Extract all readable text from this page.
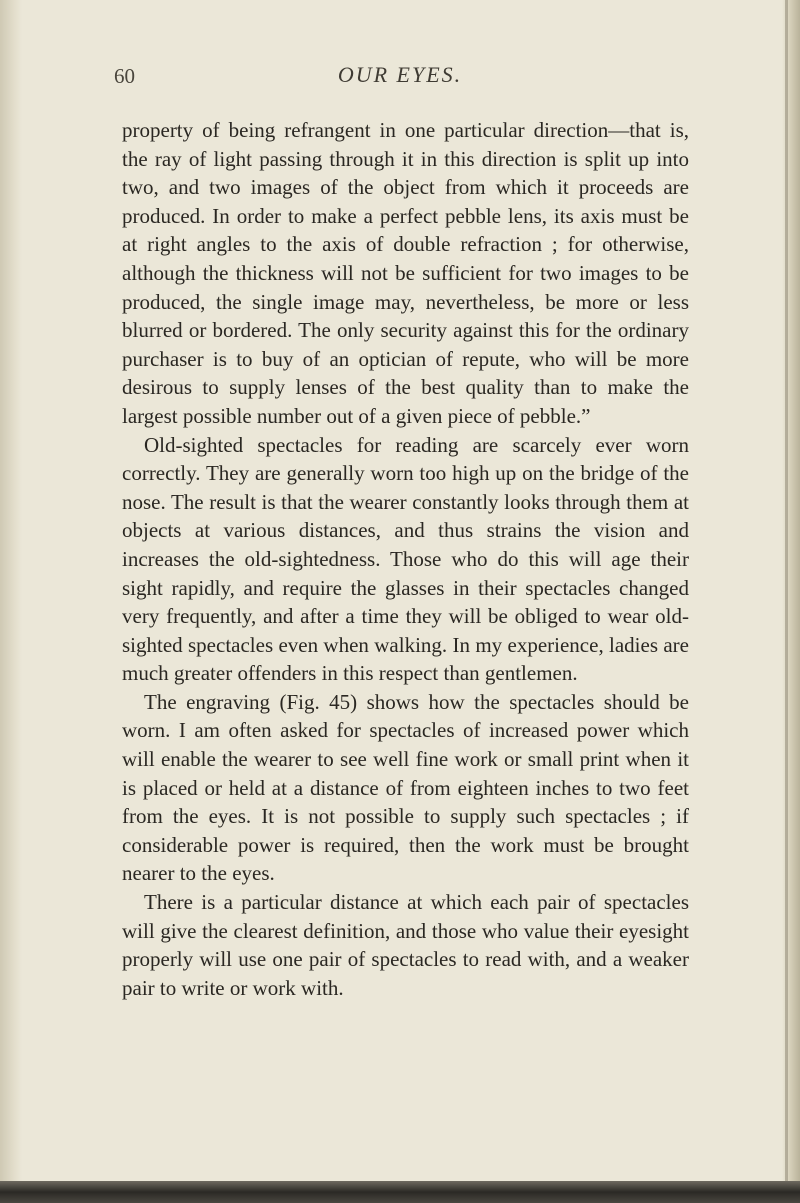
60	OUR EYES.

property of being refrangent in one particular direction—that is, the ray of light passing through it in this direction is split up into two, and two images of the object from which it proceeds are produced. In order to make a perfect pebble lens, its axis must be at right angles to the axis of double refraction ; for otherwise, although the thickness will not be sufficient for two images to be produced, the single image may, nevertheless, be more or less blurred or bordered. The only security against this for the ordinary purchaser is to buy of an optician of repute, who will be more desirous to supply lenses of the best quality than to make the largest possible number out of a given piece of pebble.”

Old-sighted spectacles for reading are scarcely ever worn correctly. They are generally worn too high up on the bridge of the nose. The result is that the wearer constantly looks through them at objects at various distances, and thus strains the vision and increases the old-sightedness. Those who do this will age their sight rapidly, and require the glasses in their spectacles changed very frequently, and after a time they will be obliged to wear old-sighted spectacles even when walking. In my experience, ladies are much greater offenders in this respect than gentlemen.

The engraving (Fig. 45) shows how the spectacles should be worn. I am often asked for spectacles of increased power which will enable the wearer to see well fine work or small print when it is placed or held at a distance of from eighteen inches to two feet from the eyes. It is not possible to supply such spectacles ; if considerable power is required, then the work must be brought nearer to the eyes.

There is a particular distance at which each pair of spectacles will give the clearest definition, and those who value their eyesight properly will use one pair of spectacles to read with, and a weaker pair to write or work with.
